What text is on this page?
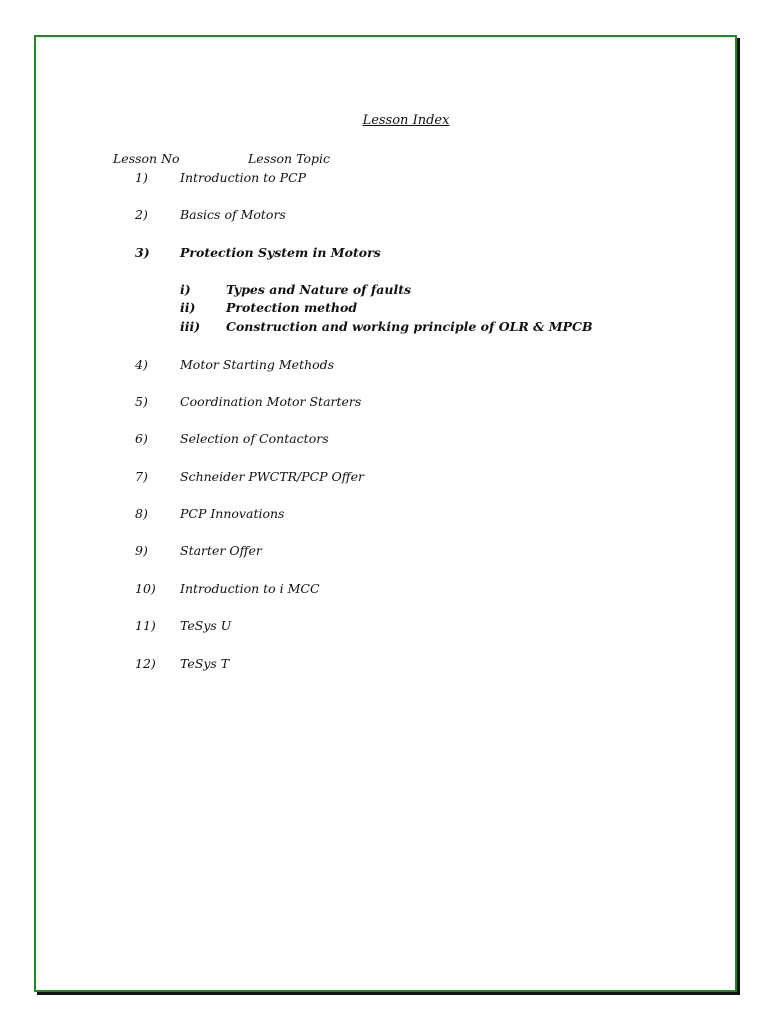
Lesson Index
Lesson No	Lesson Topic
1)	Introduction to PCP
2)	Basics of Motors
3) Protection System in Motors
i)	Types and Nature of faults
ii) Protection method
iii) Construction and working principle of OLR & MPCB
4)	Motor Starting Methods
5)	Coordination Motor Starters
6)	Selection of Contactors
7)	Schneider PWCTR/PCP Offer
8)	PCP Innovations
9)	Starter Offer
10) Introduction to i MCC
11) TeSys U
12) TeSys T
